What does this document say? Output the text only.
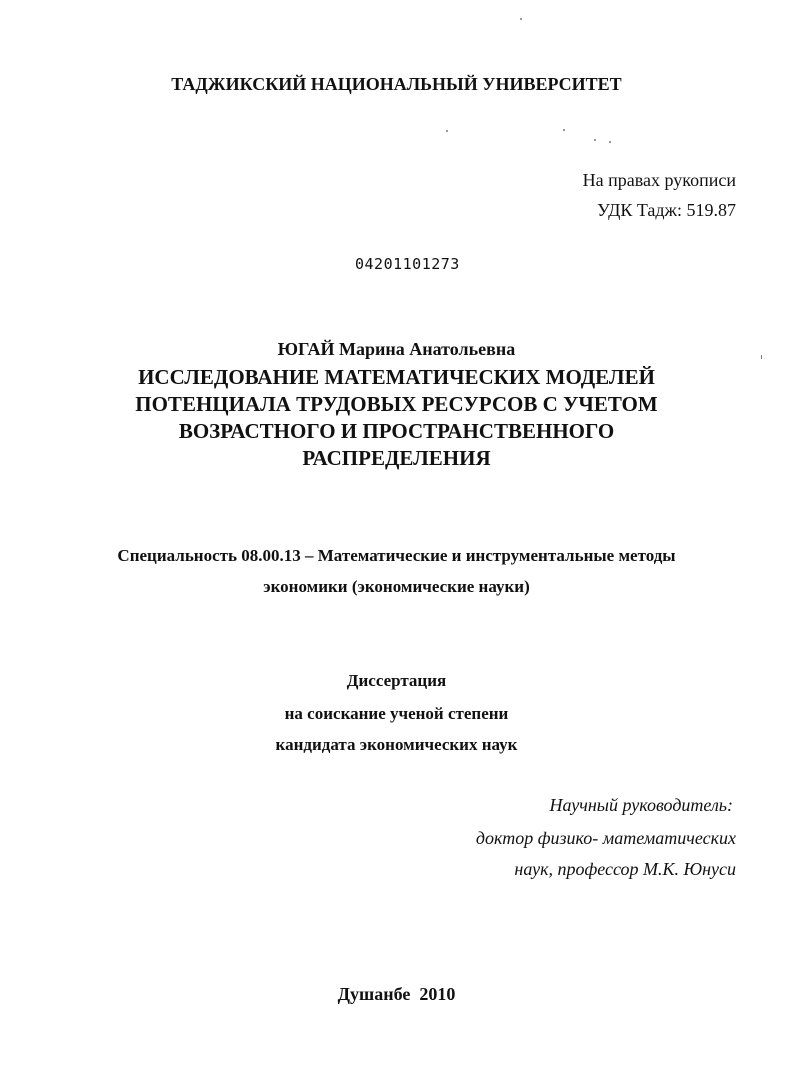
ТАДЖИКСКИЙ НАЦИОНАЛЬНЫЙ УНИВЕРСИТЕТ
На правах рукописи
УДК Тадж: 519.87
04201101273
ЮГАЙ Марина Анатольевна
ИССЛЕДОВАНИЕ МАТЕМАТИЧЕСКИХ МОДЕЛЕЙ
ПОТЕНЦИАЛА ТРУДОВЫХ РЕСУРСОВ С УЧЕТОМ
ВОЗРАСТНОГО И ПРОСТРАНСТВЕННОГО
РАСПРЕДЕЛЕНИЯ
Специальность 08.00.13 – Математические и инструментальные методы
экономики (экономические науки)
Диссертация
на соискание ученой степени
кандидата экономических наук
Научный руководитель:
доктор физико- математических
наук, профессор М.К. Юнуси
Душанбе  2010
